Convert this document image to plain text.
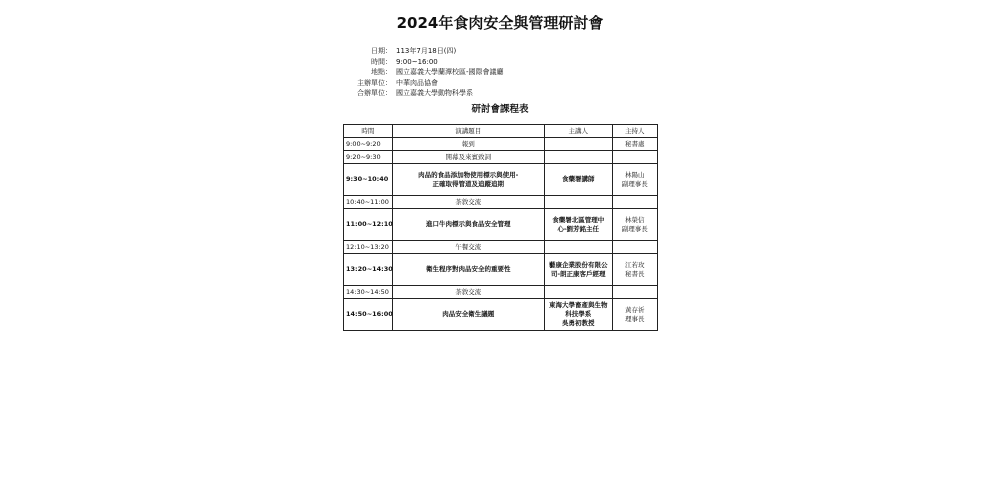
2024年食肉安全與管理研討會
日期： 113年7月18日(四)
時間： 9:00~16:00
地點： 國立嘉義大學蘭潭校區-國際會議廳
主辦單位： 中華肉品協會
合辦單位： 國立嘉義大學動物科學系
研討會課程表
時間	演講題目	主講人	主持人
9:00~9:20	報到		秘書處
9:20~9:30	開幕及來賓致詞		
9:30~10:40	肉品的食品添加物使用標示與使用-
正確取得管道及追蹤追期	食藥署講師	林陽山
副理事長

10:40~11:00	茶敘交流		
11:00~12:10	進口牛肉標示與食品安全管理	食藥署北區管理中
心-劉芳銘主任	林榮信
副理事長

12:10~13:20	午餐交流		
13:20~14:30	衛生程序對肉品安全的重要性	藝康企業股份有限公
司-朗正康客戶經理	江若玫
秘書長

14:30~14:50	茶敘交流		
14:50~16:00	肉品安全衛生議題	東海大學畜產與生物
科技學系
吳勇初教授	黃存祈
理事長
